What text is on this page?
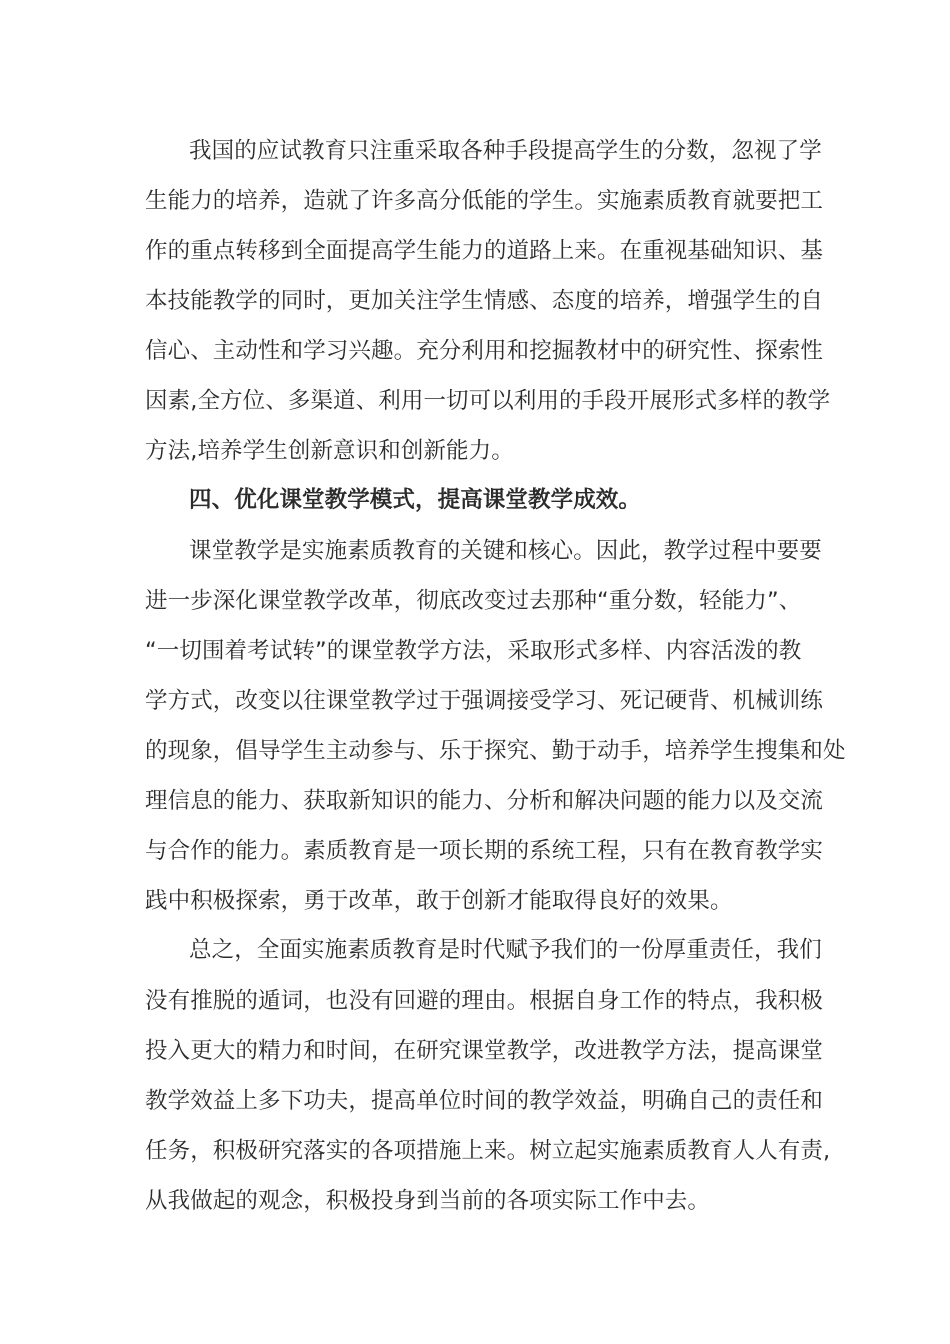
我国的应试教育只注重采取各种手段提高学生的分数，忽视了学
生能力的培养，造就了许多高分低能的学生。实施素质教育就要把工
作的重点转移到全面提高学生能力的道路上来。在重视基础知识、基
本技能教学的同时，更加关注学生情感、态度的培养，增强学生的自
信心、主动性和学习兴趣。充分利用和挖掘教材中的研究性、探索性
因素,全方位、多渠道、利用一切可以利用的手段开展形式多样的教学
方法,培养学生创新意识和创新能力。
四、优化课堂教学模式，提高课堂教学成效。
课堂教学是实施素质教育的关键和核心。因此，教学过程中要要
进一步深化课堂教学改革，彻底改变过去那种“重分数，轻能力”、
“一切围着考试转”的课堂教学方法，采取形式多样、内容活泼的教
学方式，改变以往课堂教学过于强调接受学习、死记硬背、机械训练
的现象，倡导学生主动参与、乐于探究、勤于动手，培养学生搜集和处
理信息的能力、获取新知识的能力、分析和解决问题的能力以及交流
与合作的能力。素质教育是一项长期的系统工程，只有在教育教学实
践中积极探索，勇于改革，敢于创新才能取得良好的效果。
总之，全面实施素质教育是时代赋予我们的一份厚重责任，我们
没有推脱的遁词，也没有回避的理由。根据自身工作的特点，我积极
投入更大的精力和时间，在研究课堂教学，改进教学方法，提高课堂
教学效益上多下功夫，提高单位时间的教学效益，明确自己的责任和
任务，积极研究落实的各项措施上来。树立起实施素质教育人人有责,
从我做起的观念，积极投身到当前的各项实际工作中去。
